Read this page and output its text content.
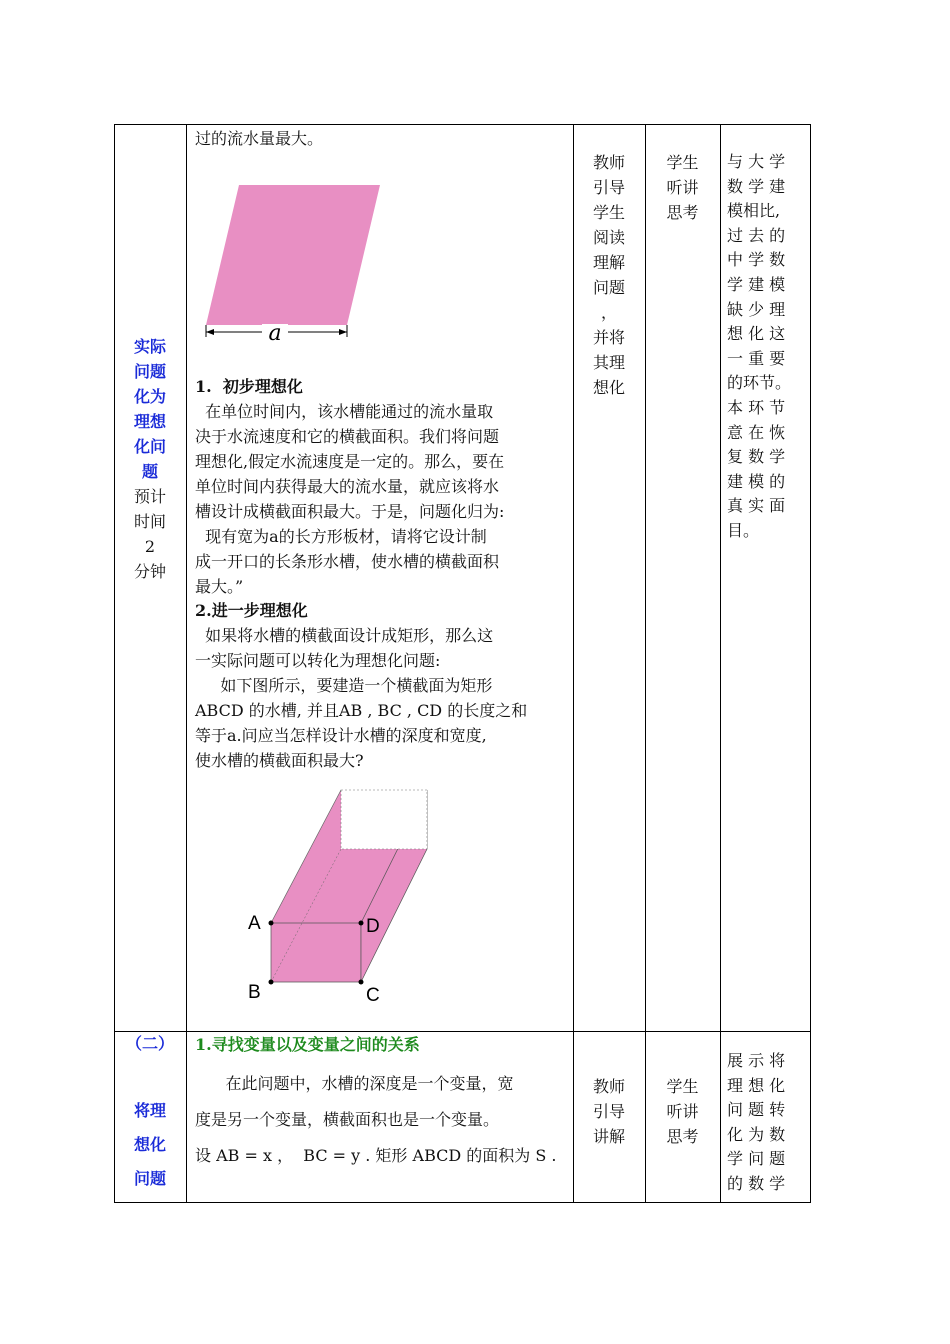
实际
问题
化为
理想
化问
题
预计
时间
2
分钟
过的流水量最大。
a
1.  初步理想化
在单位时间内，该水槽能通过的流水量取
决于水流速度和它的横截面积。我们将问题
理想化,假定水流速度是一定的。那么，要在
单位时间内获得最大的流水量，就应该将水
槽设计成横截面积最大。于是，问题化归为:
现有宽为a的长方形板材，请将它设计制
成一开口的长条形水槽，使水槽的横截面积
最大。”
2.进一步理想化
如果将水槽的横截面设计成矩形，那么这
一实际问题可以转化为理想化问题:
如下图所示，要建造一个横截面为矩形
ABCD 的水槽, 并且AB , BC , CD 的长度之和
等于a.问应当怎样设计水槽的深度和宽度,
使水槽的横截面积最大?
A	D
B	C
教师
引导
学生
阅读
理解
问题
，
并将
其理
想化
学生
听讲
思考
与 大 学
数 学 建
模相比,
过 去 的
中 学 数
学 建 模
缺 少 理
想 化 这
一 重 要
的环节。
本 环 节
意 在 恢
复 数 学
建 模 的
真 实 面
目。
（二）
将理
想化
问题
1.寻找变量以及变量之间的关系
在此问题中，水槽的深度是一个变量，宽
度是另一个变量，横截面积也是一个变量。
设 AB = x ，  BC = y . 矩形 ABCD 的面积为 S .
教师
引导
讲解
学生
听讲
思考
展 示 将
理 想 化
问 题 转
化 为 数
学 问 题
的 数 学
